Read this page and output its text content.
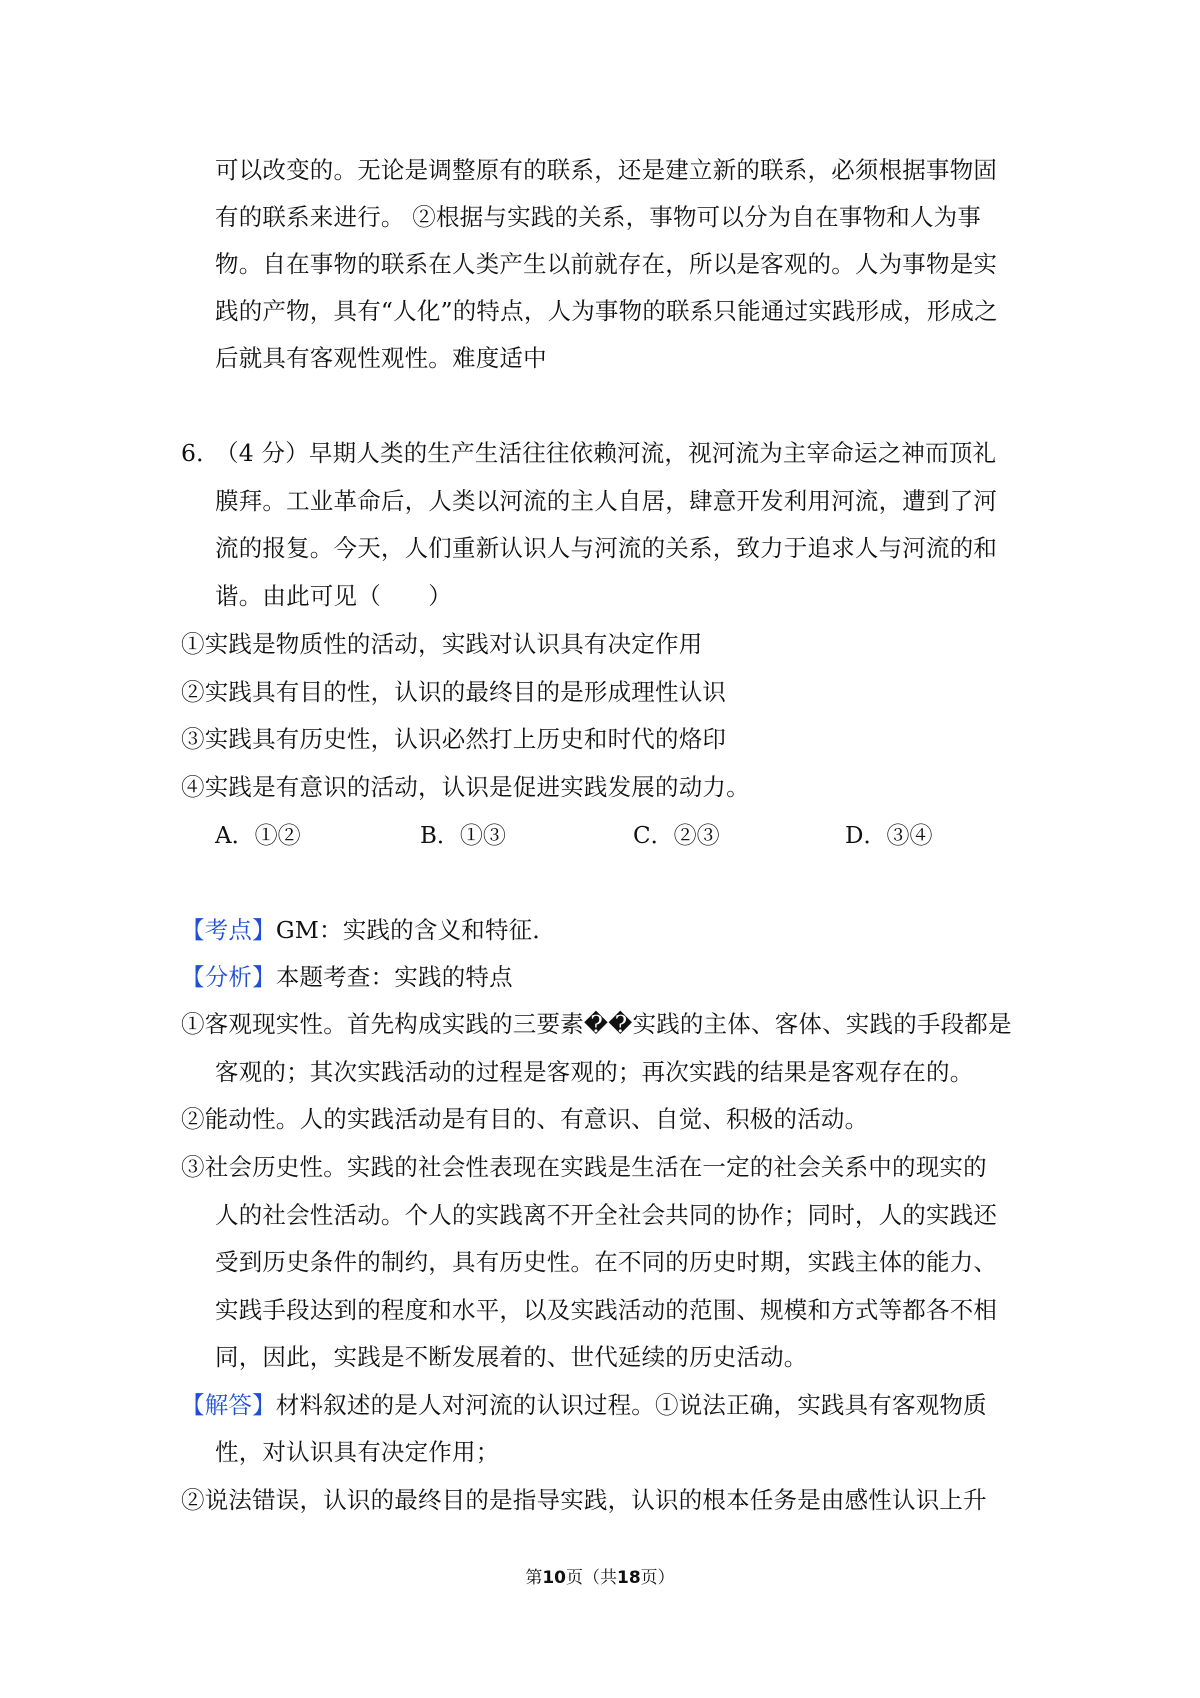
可以改变的。无论是调整原有的联系，还是建立新的联系，必须根据事物固
有的联系来进行。 ②根据与实践的关系，事物可以分为自在事物和人为事
物。自在事物的联系在人类产生以前就存在，所以是客观的。人为事物是实
践的产物，具有“人化”的特点，人为事物的联系只能通过实践形成，形成之
后就具有客观性观性。难度适中
6．
（4 分）早期人类的生产生活往往依赖河流，视河流为主宰命运之神而顶礼
膜拜。工业革命后，人类以河流的主人自居，肆意开发利用河流，遭到了河
流的报复。今天，人们重新认识人与河流的关系，致力于追求人与河流的和
谐。由此可见（　　）
①实践是物质性的活动，实践对认识具有决定作用
②实践具有目的性，认识的最终目的是形成理性认识
③实践具有历史性，认识必然打上历史和时代的烙印
④实践是有意识的活动，认识是促进实践发展的动力。
A．①②	B．①③	C．②③	D．③④
【考点】GM：实践的含义和特征．
【分析】本题考查：实践的特点
①客观现实性。首先构成实践的三要素��实践的主体、客体、实践的手段都是
客观的；其次实践活动的过程是客观的；再次实践的结果是客观存在的。
②能动性。人的实践活动是有目的、有意识、自觉、积极的活动。
③社会历史性。实践的社会性表现在实践是生活在一定的社会关系中的现实的
人的社会性活动。个人的实践离不开全社会共同的协作；同时，人的实践还
受到历史条件的制约，具有历史性。在不同的历史时期，实践主体的能力、
实践手段达到的程度和水平，以及实践活动的范围、规模和方式等都各不相
同，因此，实践是不断发展着的、世代延续的历史活动。
【解答】材料叙述的是人对河流的认识过程。①说法正确，实践具有客观物质
性，对认识具有决定作用；
②说法错误，认识的最终目的是指导实践，认识的根本任务是由感性认识上升
第10页（共18页）
